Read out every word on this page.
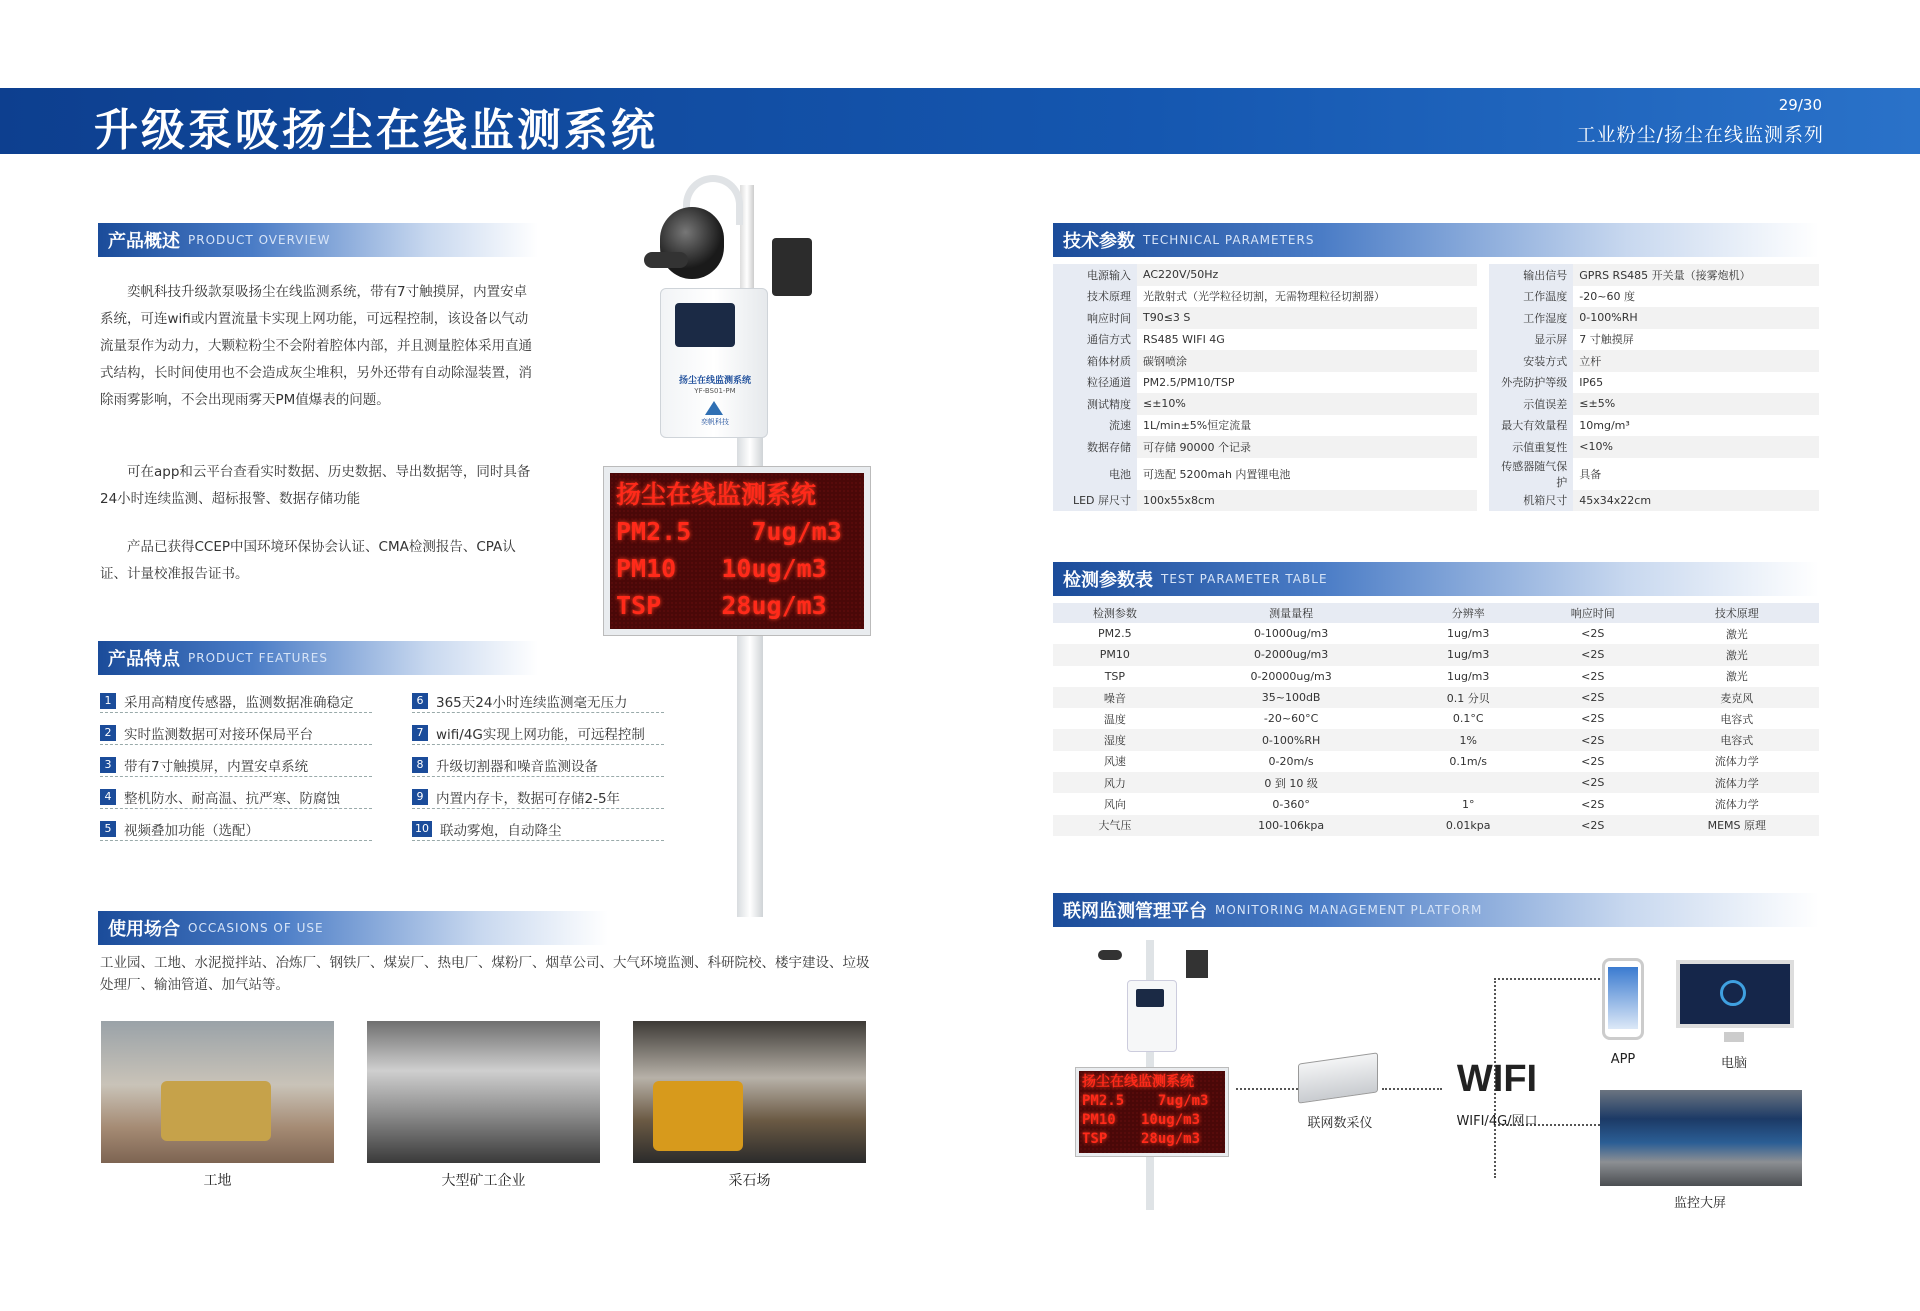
升级泵吸扬尘在线监测系统	29/30
工业粉尘/扬尘在线监测系列
产品概述 PRODUCT OVERVIEW
奕帆科技升级款泵吸扬尘在线监测系统，带有7寸触摸屏，内置安卓系统，可连wifi或内置流量卡实现上网功能，可远程控制，该设备以气动流量泵作为动力，大颗粒粉尘不会附着腔体内部，并且测量腔体采用直通式结构，长时间使用也不会造成灰尘堆积，另外还带有自动除湿装置，消除雨雾影响，不会出现雨雾天PM值爆表的问题。
可在app和云平台查看实时数据、历史数据、导出数据等，同时具备24小时连续监测、超标报警、数据存储功能
产品已获得CCEP中国环境环保协会认证、CMA检测报告、CPA认证、计量校准报告证书。
产品特点 PRODUCT FEATURES
1 采用高精度传感器，监测数据准确稳定
2 实时监测数据可对接环保局平台
3 带有7寸触摸屏，内置安卓系统
4 整机防水、耐高温、抗严寒、防腐蚀
5 视频叠加功能（选配）
6 365天24小时连续监测毫无压力
7 wifi/4G实现上网功能，可远程控制
8 升级切割器和噪音监测设备
9 内置内存卡，数据可存储2-5年
10 联动雾炮，自动降尘
扬尘在线监测系统
YF-BS01-PM
奕帆科技
扬尘在线监测系统
PM2.5    7ug/m3
PM10   10ug/m3
TSP    28ug/m3
使用场合 OCCASIONS OF USE
工业园、工地、水泥搅拌站、冶炼厂、钢铁厂、煤炭厂、热电厂、煤粉厂、烟草公司、大气环境监测、科研院校、楼宇建设、垃圾处理厂、输油管道、加气站等。
工地	大型矿工企业	采石场
技术参数 TECHNICAL PARAMETERS
电源输入	AC220V/50Hz		输出信号	GPRS RS485 开关量（接雾炮机）
技术原理	光散射式（光学粒径切割，无需物理粒径切割器）		工作温度	-20~60 度
响应时间	T90≤3 S		工作湿度	0-100%RH
通信方式	RS485 WIFI 4G		显示屏	7 寸触摸屏
箱体材质	碳钢喷涂		安装方式	立杆
粒径通道	PM2.5/PM10/TSP		外壳防护等级	IP65
测试精度	≤±10%		示值误差	≤±5%
流速	1L/min±5%恒定流量		最大有效量程	10mg/m³
数据存储	可存储 90000 个记录		示值重复性	<10%
电池	可选配 5200mah 内置锂电池		传感器随气保护	具备
LED 屏尺寸	100x55x8cm		机箱尺寸	45x34x22cm
检测参数表 TEST PARAMETER TABLE
检测参数	测量量程	分辨率	响应时间	技术原理
PM2.5	0-1000ug/m3	1ug/m3	<2S	激光
PM10	0-2000ug/m3	1ug/m3	<2S	激光
TSP	0-20000ug/m3	1ug/m3	<2S	激光
噪音	35~100dB	0.1 分贝	<2S	麦克风
温度	-20~60°C	0.1°C	<2S	电容式
湿度	0-100%RH	1%	<2S	电容式
风速	0-20m/s	0.1m/s	<2S	流体力学
风力	0 到 10 级		<2S	流体力学
风向	0-360°	1°	<2S	流体力学
大气压	100-106kpa	0.01kpa	<2S	MEMS 原理
联网监测管理平台 MONITORING MANAGEMENT PLATFORM
扬尘在线监测系统
PM2.5    7ug/m3
PM10   10ug/m3
TSP    28ug/m3
联网数采仪
WIFI
WIFI/4G/网口
APP	电脑
监控大屏
